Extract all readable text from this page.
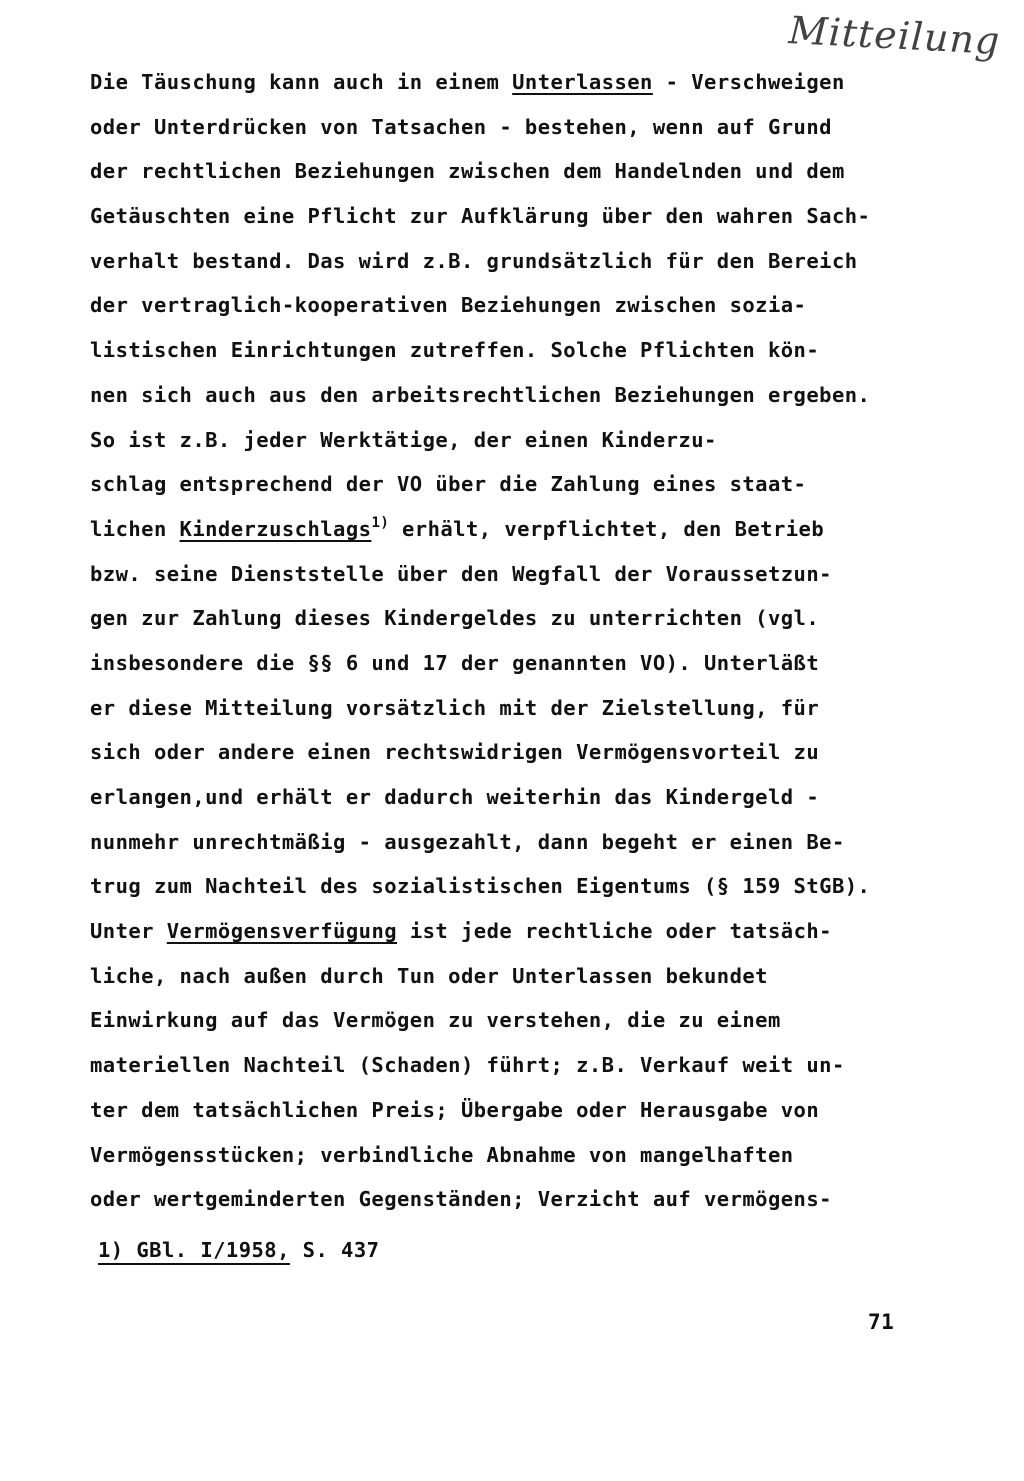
Mitteilung
Die Täuschung kann auch in einem Unterlassen - Verschweigen
oder Unterdrücken von Tatsachen - bestehen, wenn auf Grund
der rechtlichen Beziehungen zwischen dem Handelnden und dem
Getäuschten eine Pflicht zur Aufklärung über den wahren Sach-
verhalt bestand. Das wird z.B. grundsätzlich für den Bereich
der vertraglich-kooperativen Beziehungen zwischen sozia-
listischen Einrichtungen zutreffen. Solche Pflichten kön-
nen sich auch aus den arbeitsrechtlichen Beziehungen ergeben.
So ist z.B. jeder Werktätige, der einen Kinderzu-
schlag entsprechend der VO über die Zahlung eines staat-
lichen Kinderzuschlags$^{1)}$ erhält, verpflichtet, den Betrieb
bzw. seine Dienststelle über den Wegfall der Voraussetzun-
gen zur Zahlung dieses Kindergeldes zu unterrichten (vgl.
insbesondere die §§ 6 und 17 der genannten VO). Unterläßt
er diese Mitteilung vorsätzlich mit der Zielstellung, für
sich oder andere einen rechtswidrigen Vermögensvorteil zu
erlangen,und erhält er dadurch weiterhin das Kindergeld -
nunmehr unrechtmäßig - ausgezahlt, dann begeht er einen Be-
trug zum Nachteil des sozialistischen Eigentums (§ 159 StGB).
Unter Vermögensverfügung ist jede rechtliche oder tatsäch-
liche, nach außen durch Tun oder Unterlassen bekundet
Einwirkung auf das Vermögen zu verstehen, die zu einem
materiellen Nachteil (Schaden) führt; z.B. Verkauf weit un-
ter dem tatsächlichen Preis; Übergabe oder Herausgabe von
Vermögensstücken; verbindliche Abnahme von mangelhaften
oder wertgeminderten Gegenständen; Verzicht auf vermögens-
1) GBl. I/1958, S. 437
71
